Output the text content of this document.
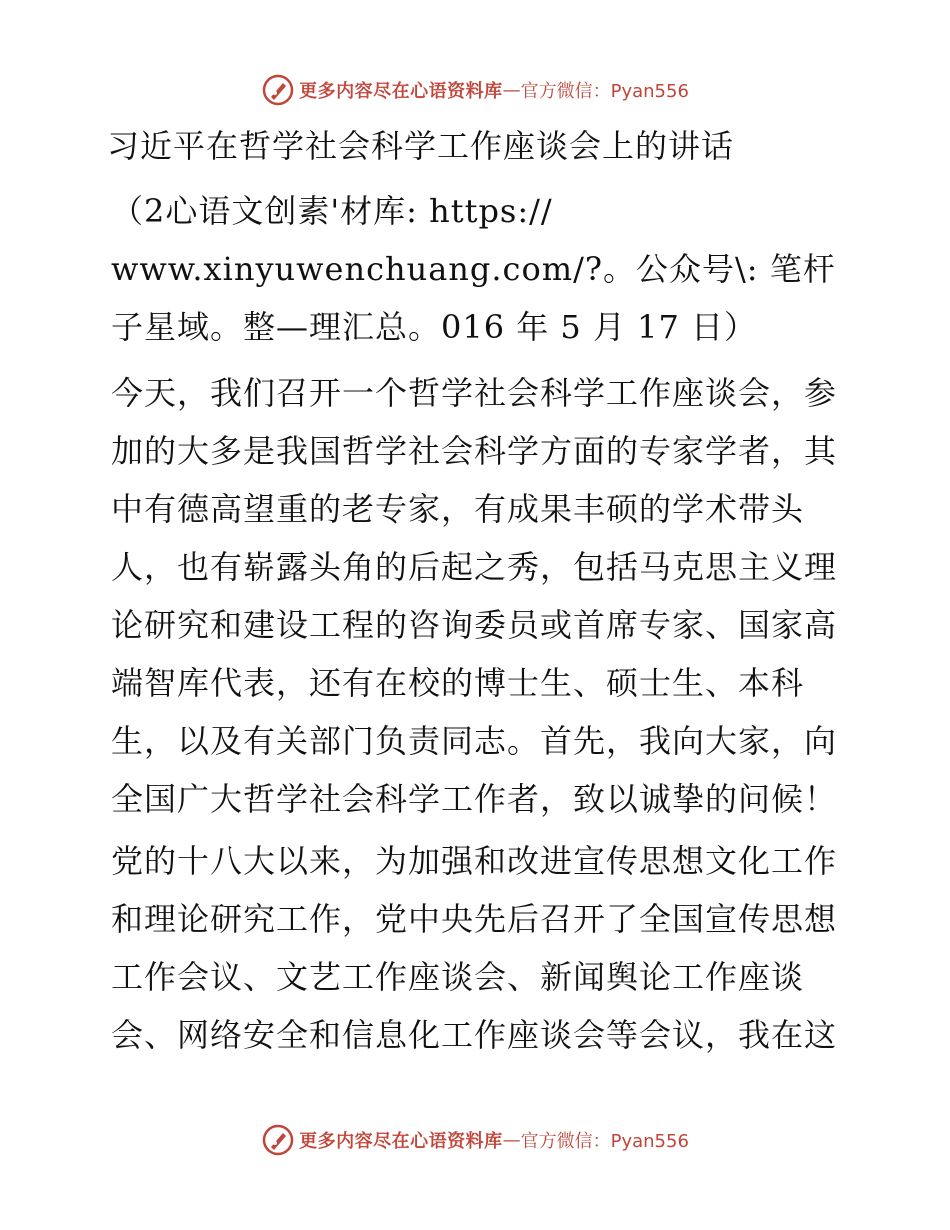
更多内容尽在心语资料库 — 官方微信：Pyan556
习近平在哲学社会科学工作座谈会上的讲话
（2心语文创素'材库: https:// www.xinyuwenchuang.com/?。公众号\: 笔杆子星域。整—理汇总。016 年 5 月 17 日）
今天，我们召开一个哲学社会科学工作座谈会，参加的大多是我国哲学社会科学方面的专家学者，其中有德高望重的老专家，有成果丰硕的学术带头人，也有崭露头角的后起之秀，包括马克思主义理论研究和建设工程的咨询委员或首席专家、国家高端智库代表，还有在校的博士生、硕士生、本科生，以及有关部门负责同志。首先，我向大家，向全国广大哲学社会科学工作者，致以诚挚的问候！
党的十八大以来，为加强和改进宣传思想文化工作和理论研究工作，党中央先后召开了全国宣传思想工作会议、文艺工作座谈会、新闻舆论工作座谈会、网络安全和信息化工作座谈会等会议，我在这
更多内容尽在心语资料库 — 官方微信：Pyan556
